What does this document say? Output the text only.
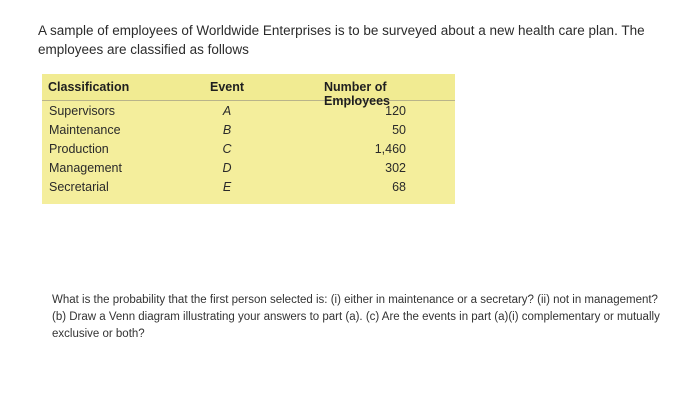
A sample of employees of Worldwide Enterprises is to be surveyed about a new health care plan. The employees are classified as follows
Classification	Event	Number of Employees
Supervisors	A	120
Maintenance	B	50
Production	C	1,460
Management	D	302
Secretarial	E	68
What is the probability that the first person selected is: (i) either in maintenance or a secretary? (ii) not in management? (b) Draw a Venn diagram illustrating your answers to part (a). (c) Are the events in part (a)(i) complementary or mutually exclusive or both?
